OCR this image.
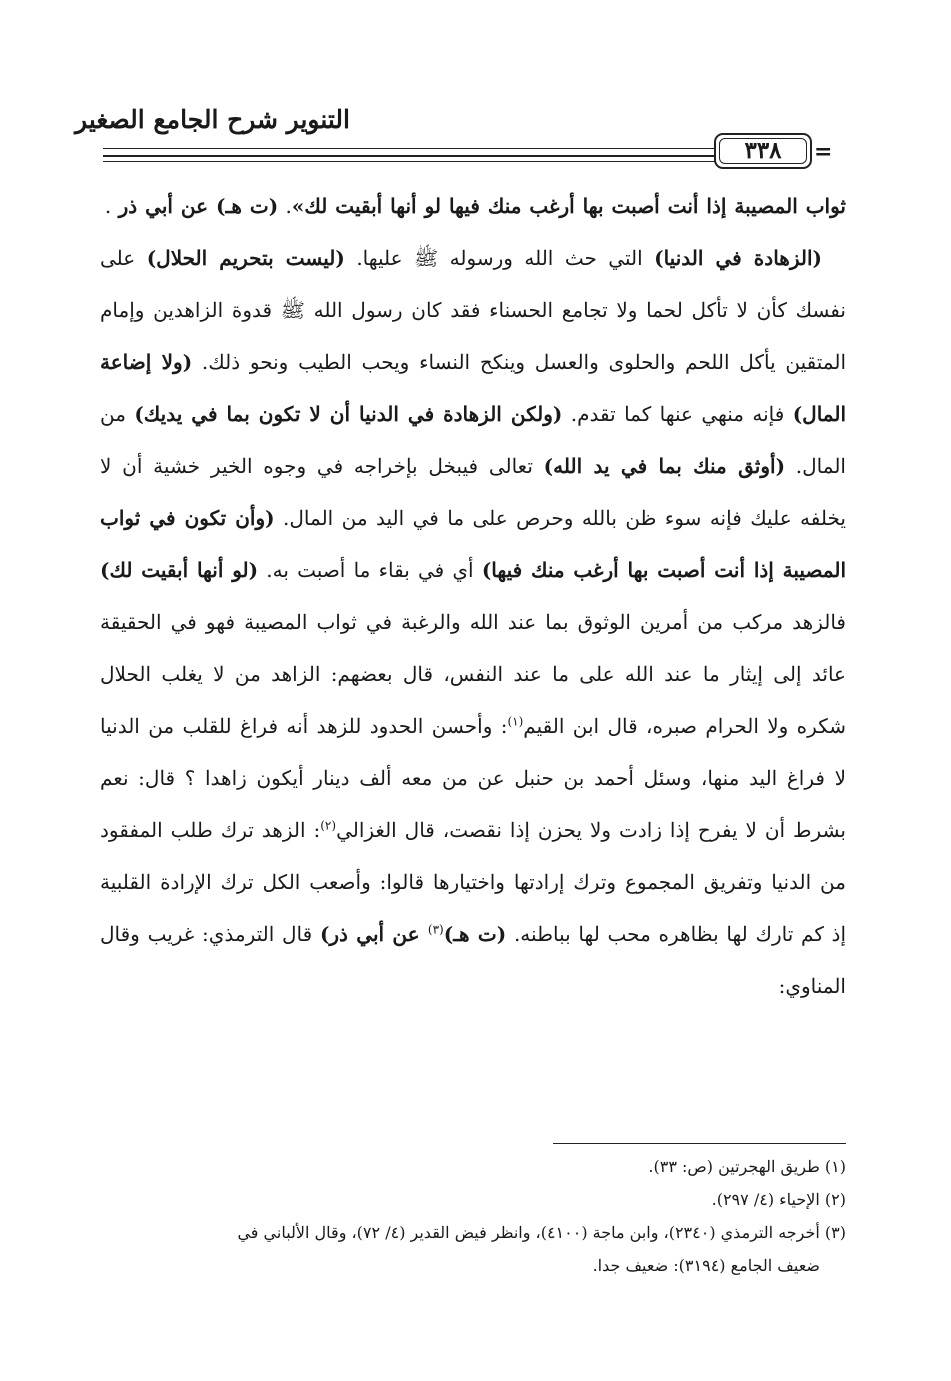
التنوير شرح الجامع الصغير
٣٣٨	=

ثواب المصيبة إذا أنت أصبت بها أرغب منك فيها لو أنها أبقيت لك». (ت هـ) عن أبي ذر .

(الزهادة في الدنيا) التي حث الله ورسوله ﷺ عليها. (ليست بتحريم الحلال) على نفسك كأن لا تأكل لحما ولا تجامع الحسناء فقد كان رسول الله ﷺ قدوة الزاهدين وإمام المتقين يأكل اللحم والحلوى والعسل وينكح النساء ويحب الطيب ونحو ذلك. (ولا إضاعة المال) فإنه منهي عنها كما تقدم. (ولكن الزهادة في الدنيا أن لا تكون بما في يديك) من المال. (أوثق منك بما في يد الله) تعالى فيبخل بإخراجه في وجوه الخير خشية أن لا يخلفه عليك فإنه سوء ظن بالله وحرص على ما في اليد من المال. (وأن تكون في ثواب المصيبة إذا أنت أصبت بها أرغب منك فيها) أي في بقاء ما أصبت به. (لو أنها أبقيت لك) فالزهد مركب من أمرين الوثوق بما عند الله والرغبة في ثواب المصيبة فهو في الحقيقة عائد إلى إيثار ما عند الله على ما عند النفس، قال بعضهم: الزاهد من لا يغلب الحلال شكره ولا الحرام صبره، قال ابن القيم$^{(١)}$: وأحسن الحدود للزهد أنه فراغ للقلب من الدنيا لا فراغ اليد منها، وسئل أحمد بن حنبل عن من معه ألف دينار أيكون زاهدا ؟ قال: نعم بشرط أن لا يفرح إذا زادت ولا يحزن إذا نقصت، قال الغزالي$^{(٢)}$: الزهد ترك طلب المفقود من الدنيا وتفريق المجموع وترك إرادتها واختيارها قالوا: وأصعب الكل ترك الإرادة القلبية إذ كم تارك لها بظاهره محب لها بباطنه. (ت هـ)$^{(٣)}$ عن أبي ذر) قال الترمذي: غريب وقال المناوي:

(١) طريق الهجرتين (ص: ٣٣).

(٢) الإحياء (٤/ ٢٩٧).

(٣) أخرجه الترمذي (٢٣٤٠)، وابن ماجة (٤١٠٠)، وانظر فيض القدير (٤/ ٧٢)، وقال الألباني في

ضعيف الجامع (٣١٩٤): ضعيف جدا.
